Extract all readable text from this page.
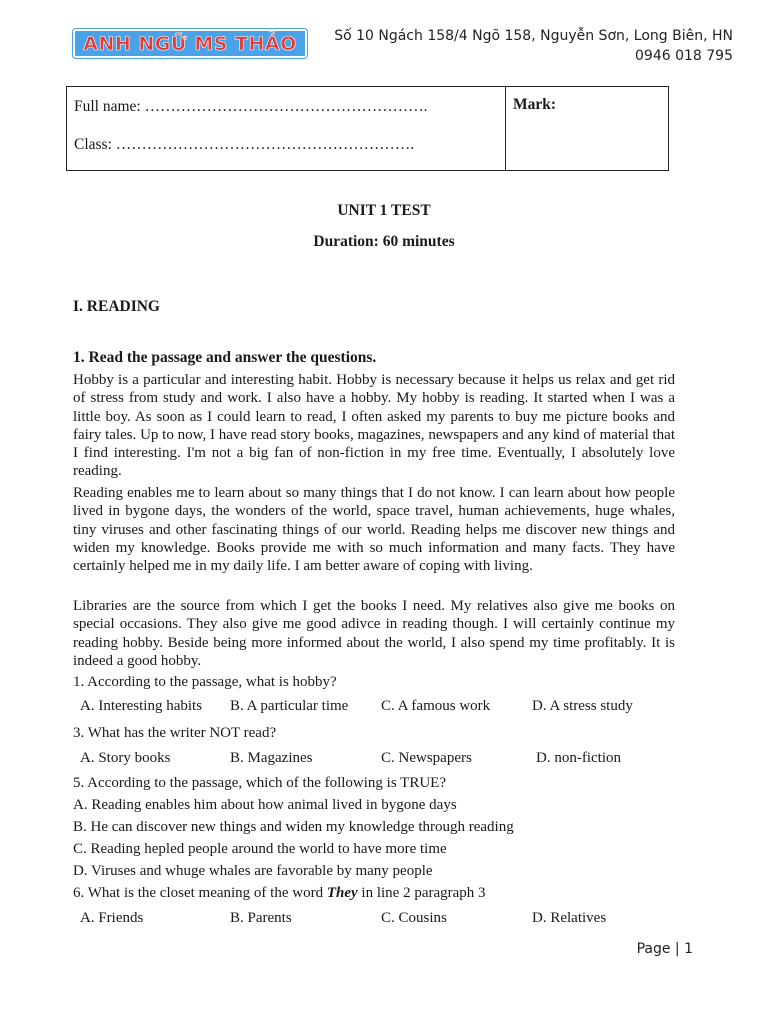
ANH NGỮ MS THẢO	Số 10 Ngách 158/4 Ngõ 158, Nguyễn Sơn, Long Biên, HN
0946 018 795
Full name: ……………………………………………….
Class: ………………………………………………….
Mark:
UNIT 1 TEST
Duration: 60 minutes
I. READING
1. Read the passage and answer the questions.

Hobby is a particular and interesting habit. Hobby is necessary because it helps us relax and get rid of stress from study and work. I also have a hobby. My hobby is reading. It started when I was a little boy. As soon as I could learn to read, I often asked my parents to buy me picture books and fairy tales. Up to now, I have read story books, magazines, newspapers and any kind of material that I find interesting. I'm not a big fan of non-fiction in my free time. Eventually, I absolutely love reading.

Reading enables me to learn about so many things that I do not know. I can learn about how people lived in bygone days, the wonders of the world, space travel, human achievements, huge whales, tiny viruses and other fascinating things of our world. Reading helps me discover new things and widen my knowledge. Books provide me with so much information and many facts. They have certainly helped me in my daily life. I am better aware of coping with living.

Libraries are the source from which I get the books I need. My relatives also give me books on special occasions. They also give me good adivce in reading though. I will certainly continue my reading hobby. Beside being more informed about the world, I also spend my time profitably. It is indeed a good hobby.

1. According to the passage, what is hobby?
A. Interesting habits B. A particular time C. A famous work	D. A stress study
3. What has the writer NOT read?
A. Story books	B. Magazines	C. Newspapers	D. non-fiction
5. According to the passage, which of the following is TRUE?
A. Reading enables him about how animal lived in bygone days
B. He can discover new things and widen my knowledge through reading
C. Reading hepled people around the world to have more time
D. Viruses and whuge whales are favorable by many people
6. What is the closet meaning of the word They in line 2 paragraph 3
A. Friends	B. Parents	C. Cousins	D. Relatives
Page | 1
